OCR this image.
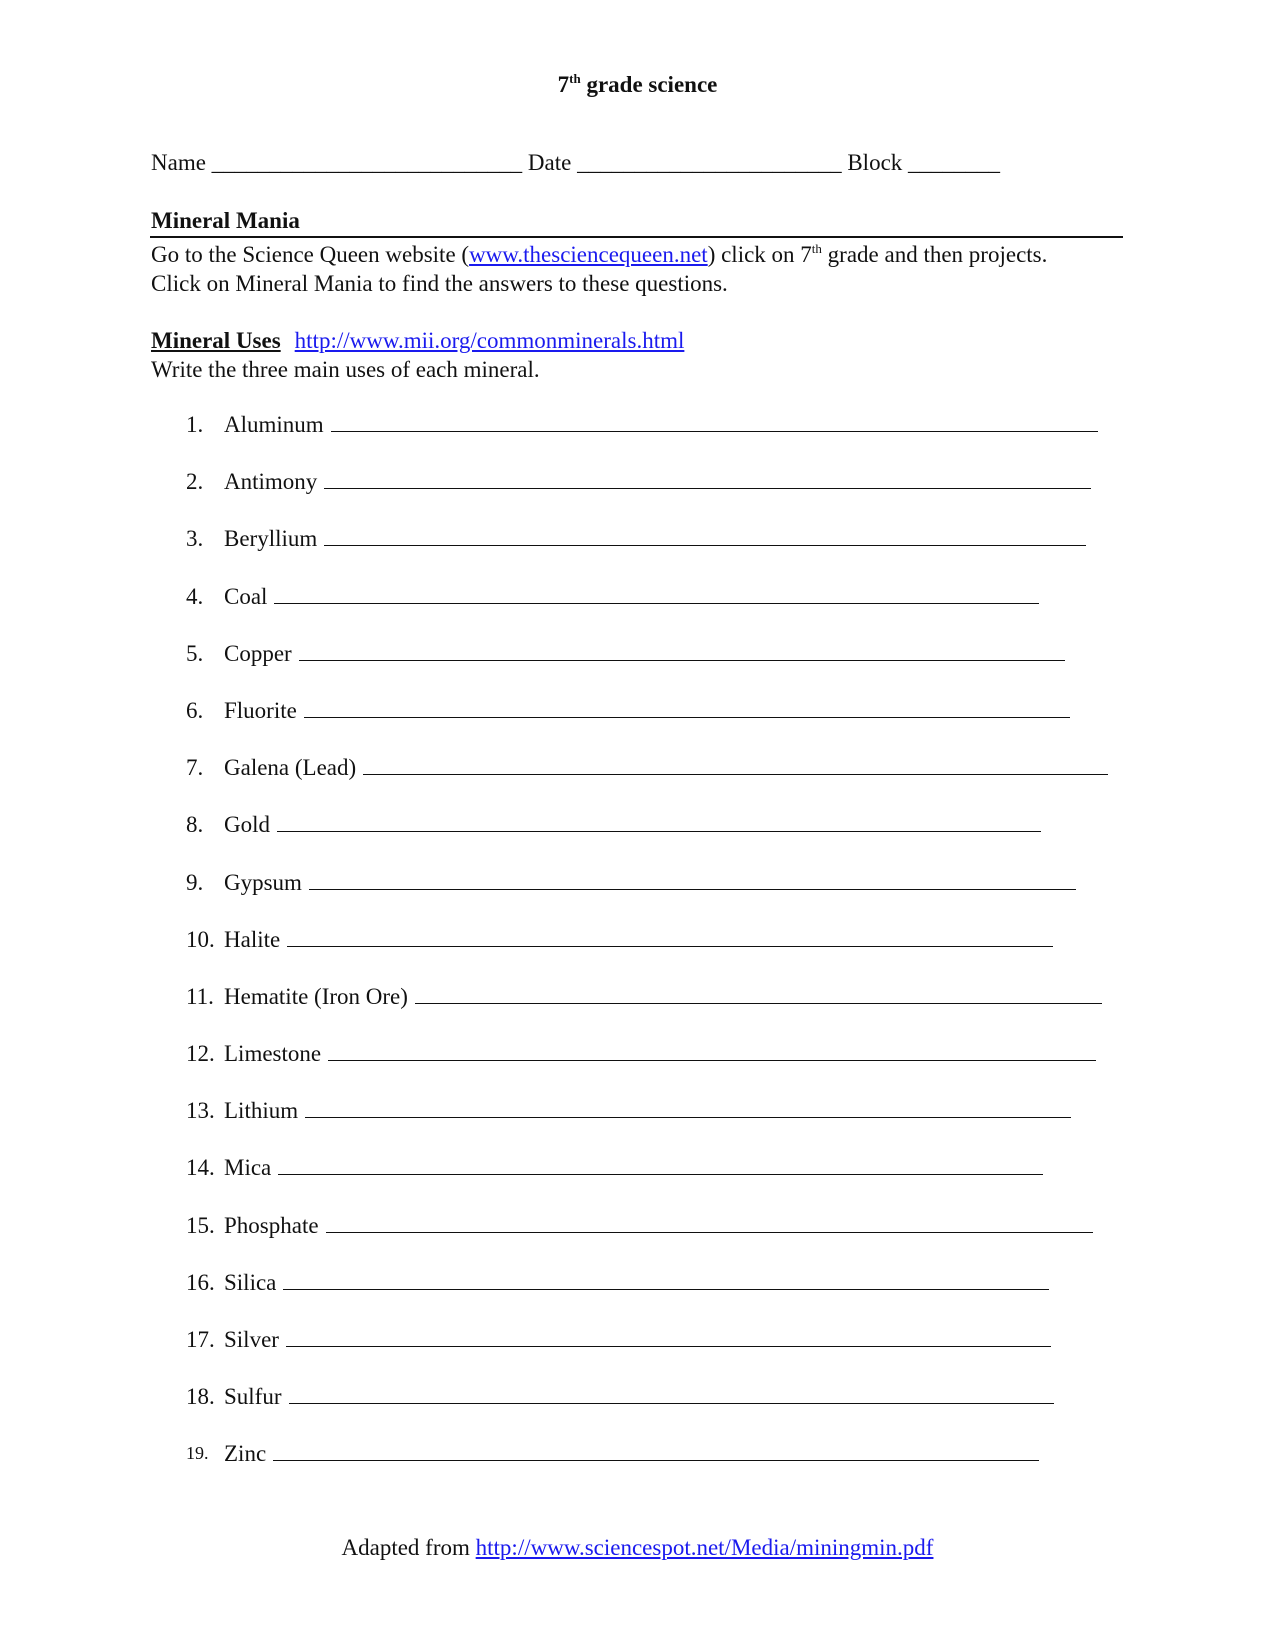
7th grade science
Name ___________________________ Date _______________________ Block ________
Mineral Mania
Go to the Science Queen website (www.thesciencequeen.net) click on 7th grade and then projects. Click on Mineral Mania to find the answers to these questions.
Mineral Uses http://www.mii.org/commonminerals.html
Write the three main uses of each mineral.
1. Aluminum
2. Antimony
3. Beryllium
4. Coal
5. Copper
6. Fluorite
7. Galena (Lead)
8. Gold
9. Gypsum
10. Halite
11. Hematite (Iron Ore)
12. Limestone
13. Lithium
14. Mica
15. Phosphate
16. Silica
17. Silver
18. Sulfur
19. Zinc
Adapted from http://www.sciencespot.net/Media/miningmin.pdf
